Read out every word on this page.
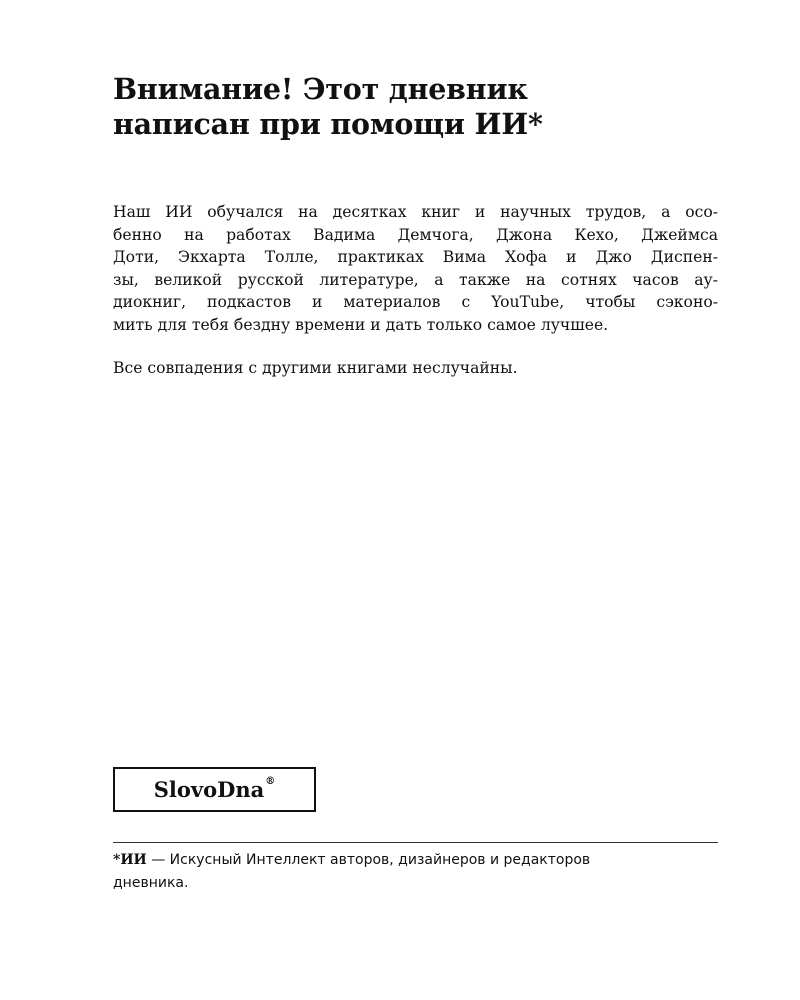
Внимание! Этот дневник
написан при помощи ИИ*
Наш ИИ обучался на десятках книг и научных трудов, а осо-
бенно на работах Вадима Демчога, Джона Кехо, Джеймса
Доти, Экхарта Толле, практиках Вима Хофа и Джо Диспен-
зы, великой русской литературе, а также на сотнях часов ау-
диокниг, подкастов и материалов с YouTube, чтобы сэконо-
мить для тебя бездну времени и дать только самое лучшее.
Все совпадения с другими книгами неслучайны.
SlovoDna®
*ИИ — Искусный Интеллект авторов, дизайнеров и редакторов
дневника.
